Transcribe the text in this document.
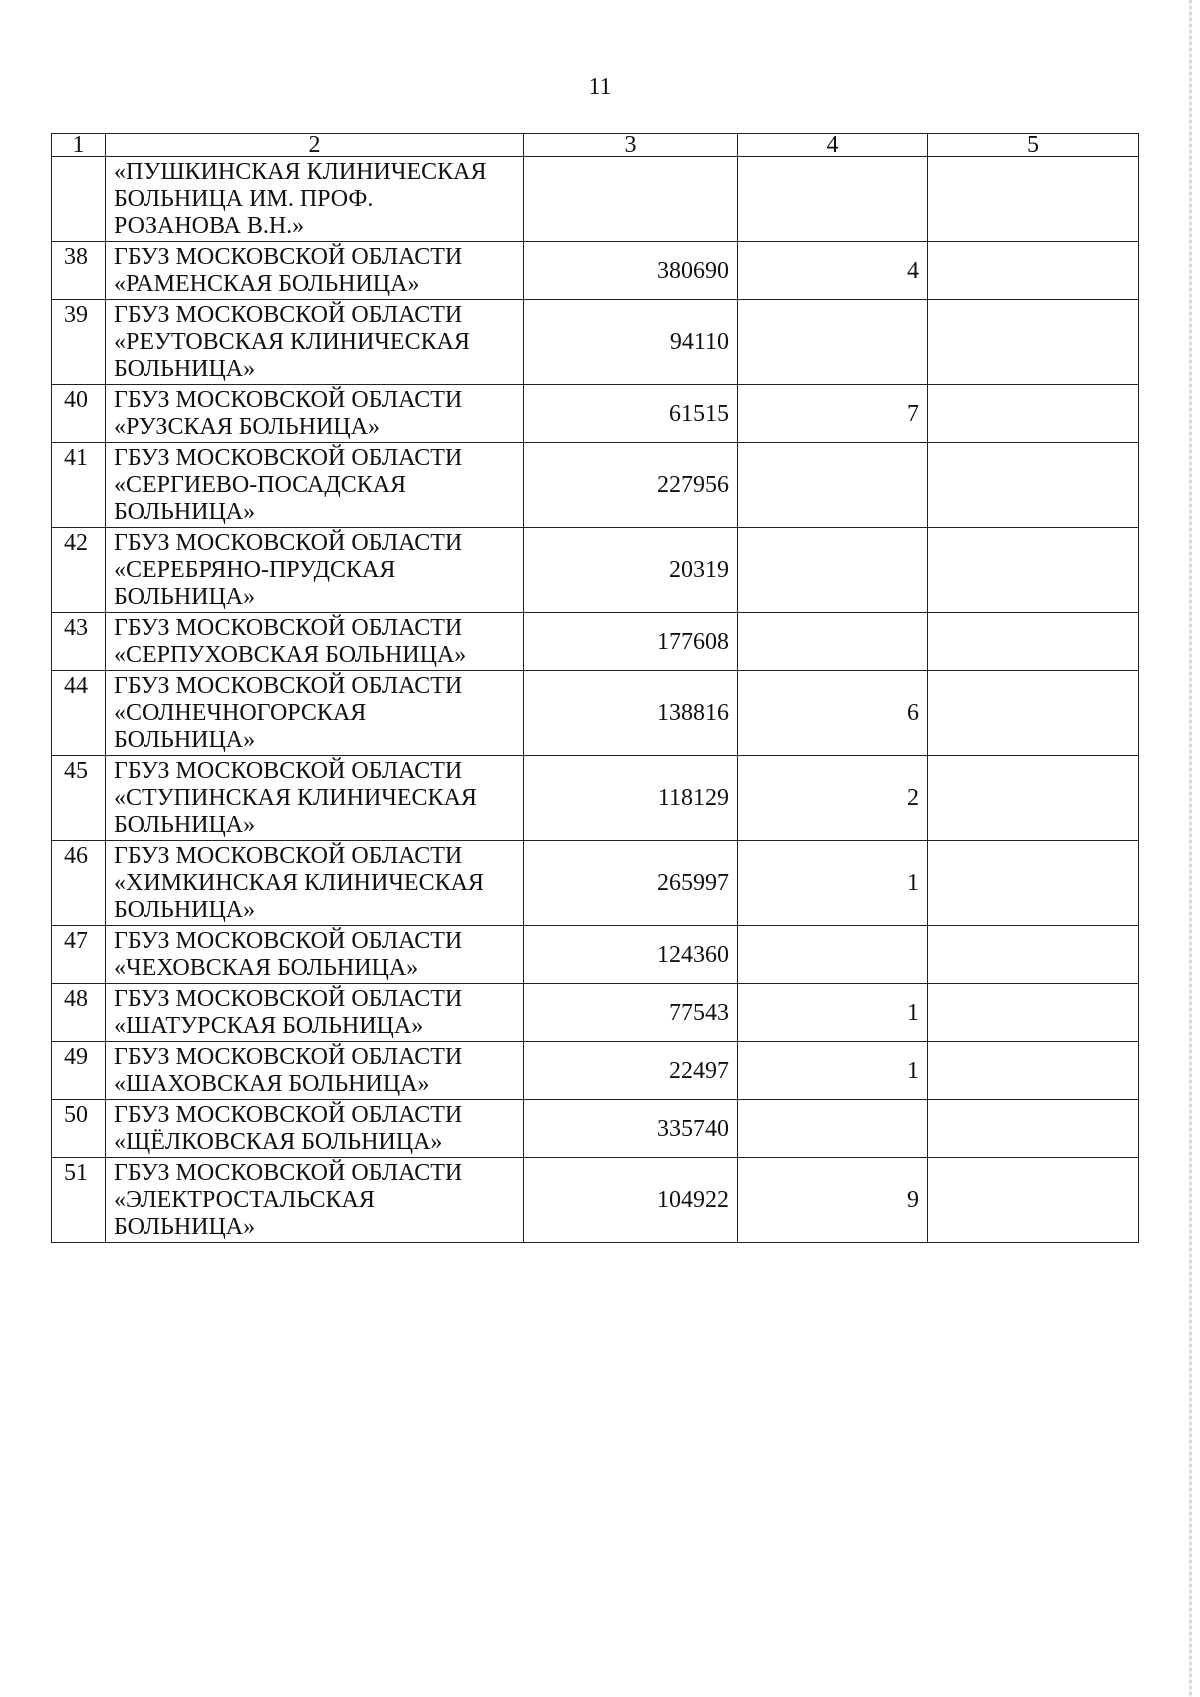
11
1	2	3	4	5

	«ПУШКИНСКАЯ КЛИНИЧЕСКАЯ
БОЛЬНИЦА ИМ. ПРОФ.
РОЗАНОВА В.Н.»			

38	ГБУЗ МОСКОВСКОЙ ОБЛАСТИ
«РАМЕНСКАЯ БОЛЬНИЦА»	380690	4	
39	ГБУЗ МОСКОВСКОЙ ОБЛАСТИ
«РЕУТОВСКАЯ КЛИНИЧЕСКАЯ
БОЛЬНИЦА»	94110		
40	ГБУЗ МОСКОВСКОЙ ОБЛАСТИ
«РУЗСКАЯ БОЛЬНИЦА»	61515	7	
41	ГБУЗ МОСКОВСКОЙ ОБЛАСТИ
«СЕРГИЕВО-ПОСАДСКАЯ
БОЛЬНИЦА»	227956		
42	ГБУЗ МОСКОВСКОЙ ОБЛАСТИ
«СЕРЕБРЯНО-ПРУДСКАЯ
БОЛЬНИЦА»	20319		
43	ГБУЗ МОСКОВСКОЙ ОБЛАСТИ
«СЕРПУХОВСКАЯ БОЛЬНИЦА»	177608		
44	ГБУЗ МОСКОВСКОЙ ОБЛАСТИ
«СОЛНЕЧНОГОРСКАЯ
БОЛЬНИЦА»	138816	6	
45	ГБУЗ МОСКОВСКОЙ ОБЛАСТИ
«СТУПИНСКАЯ КЛИНИЧЕСКАЯ
БОЛЬНИЦА»	118129	2	
46	ГБУЗ МОСКОВСКОЙ ОБЛАСТИ
«ХИМКИНСКАЯ КЛИНИЧЕСКАЯ
БОЛЬНИЦА»	265997	1	
47	ГБУЗ МОСКОВСКОЙ ОБЛАСТИ
«ЧЕХОВСКАЯ БОЛЬНИЦА»	124360		
48	ГБУЗ МОСКОВСКОЙ ОБЛАСТИ
«ШАТУРСКАЯ БОЛЬНИЦА»	77543	1	
49	ГБУЗ МОСКОВСКОЙ ОБЛАСТИ
«ШАХОВСКАЯ БОЛЬНИЦА»	22497	1	
50	ГБУЗ МОСКОВСКОЙ ОБЛАСТИ
«ЩЁЛКОВСКАЯ БОЛЬНИЦА»	335740		
51	ГБУЗ МОСКОВСКОЙ ОБЛАСТИ
«ЭЛЕКТРОСТАЛЬСКАЯ
БОЛЬНИЦА»	104922	9	
